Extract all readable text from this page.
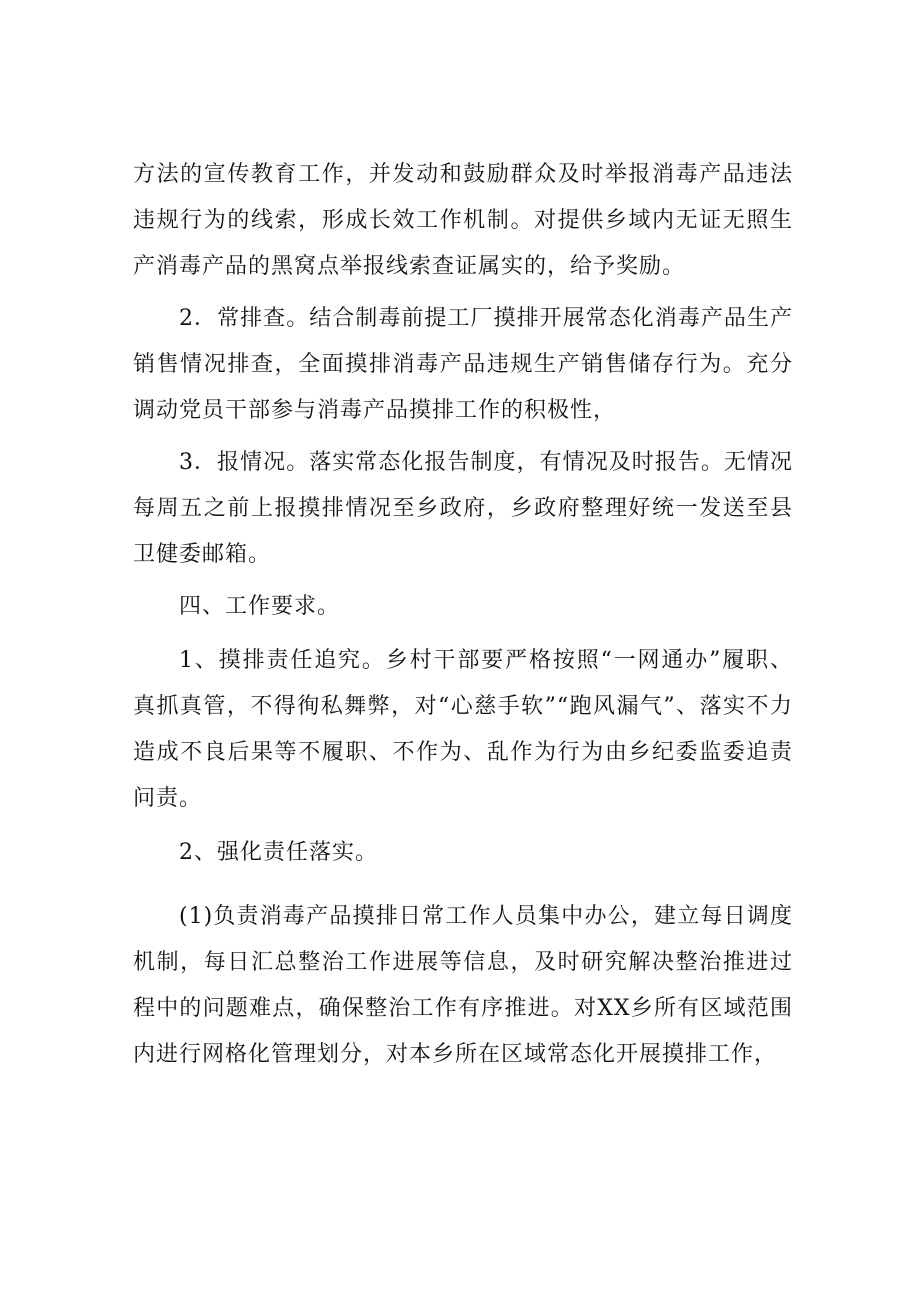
方法的宣传教育工作，并发动和鼓励群众及时举报消毒产品违法违规行为的线索，形成长效工作机制。对提供乡域内无证无照生产消毒产品的黑窝点举报线索查证属实的，给予奖励。

2．常排查。结合制毒前提工厂摸排开展常态化消毒产品生产销售情况排查，全面摸排消毒产品违规生产销售储存行为。充分调动党员干部参与消毒产品摸排工作的积极性，

3．报情况。落实常态化报告制度，有情况及时报告。无情况每周五之前上报摸排情况至乡政府，乡政府整理好统一发送至县卫健委邮箱。

四、工作要求。

1、摸排责任追究。乡村干部要严格按照“一网通办”履职、真抓真管，不得徇私舞弊，对“心慈手软”“跑风漏气”、落实不力造成不良后果等不履职、不作为、乱作为行为由乡纪委监委追责问责。

2、强化责任落实。

(1)负责消毒产品摸排日常工作人员集中办公，建立每日调度机制，每日汇总整治工作进展等信息，及时研究解决整治推进过程中的问题难点，确保整治工作有序推进。对XX乡所有区域范围内进行网格化管理划分，对本乡所在区域常态化开展摸排工作，
